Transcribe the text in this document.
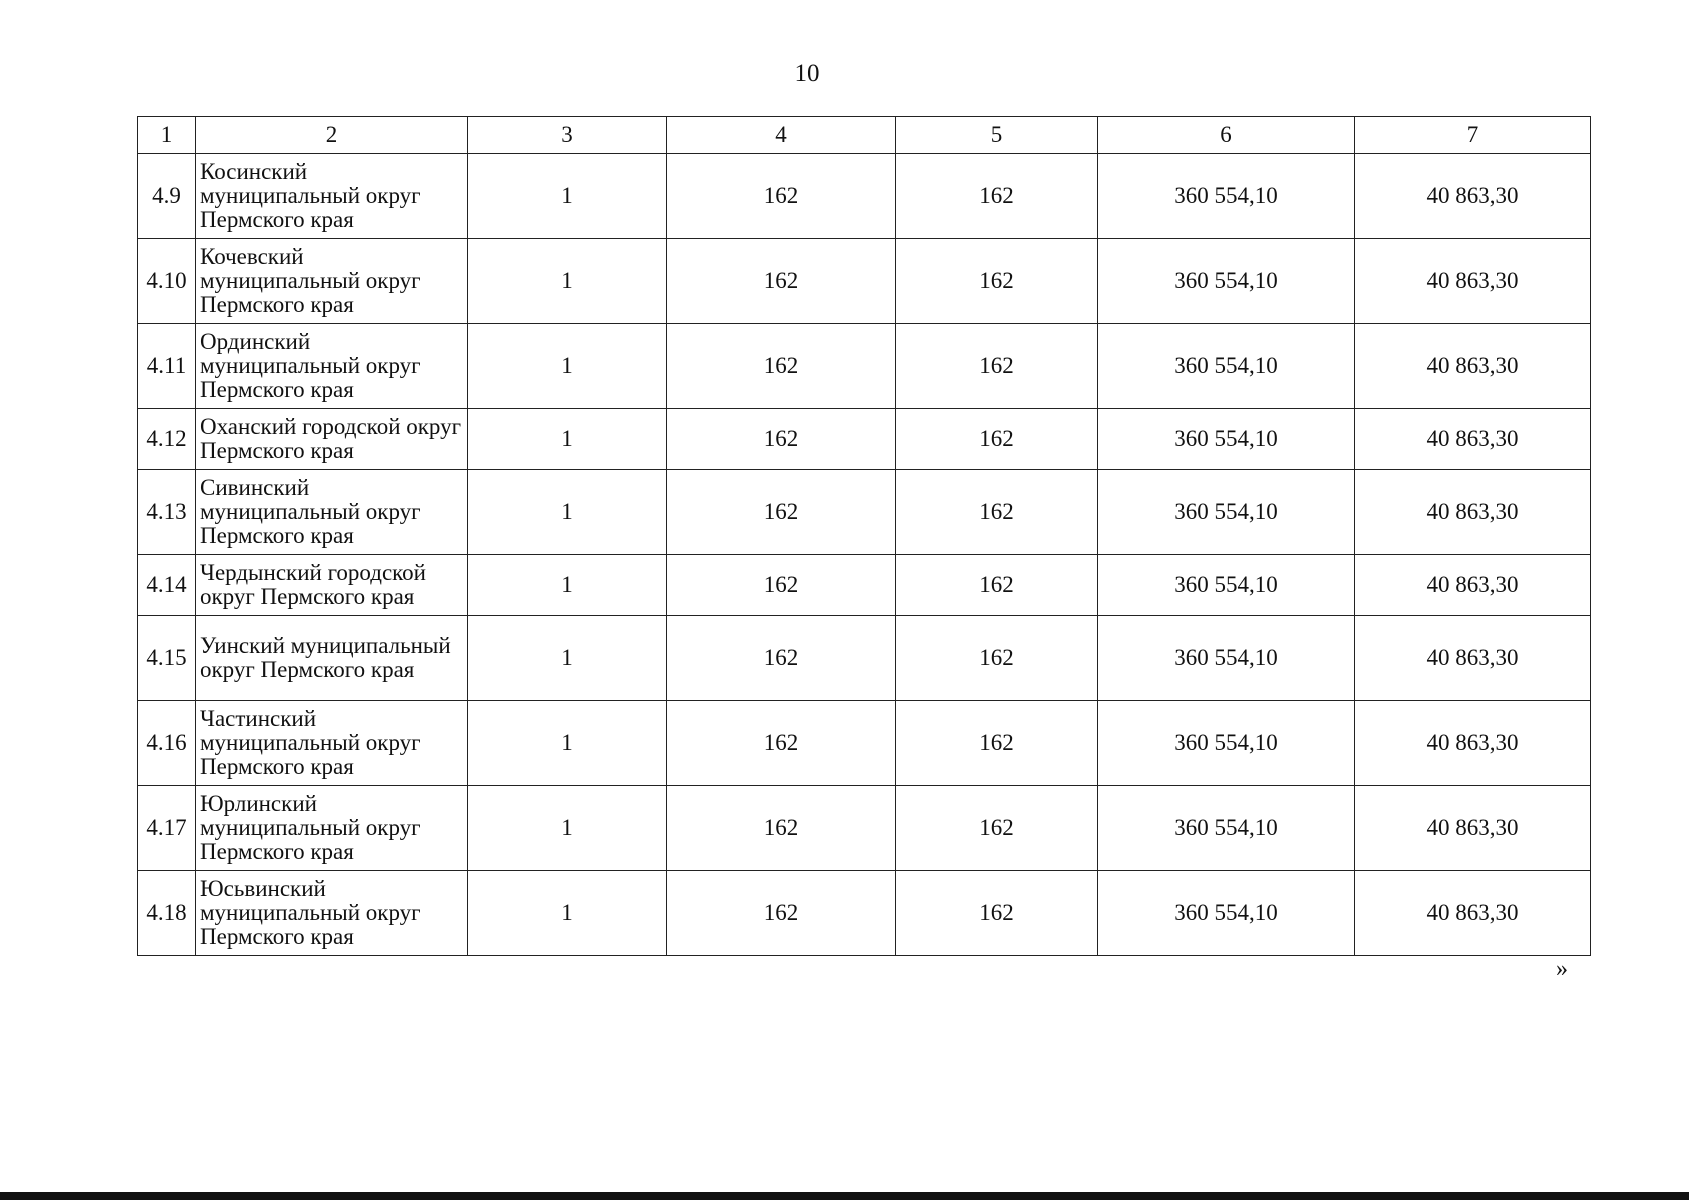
10
1	2	3	4	5	6	7
4.9	Косинский муниципальный округ Пермского края	1	162	162	360 554,10	40 863,30
4.10	Кочевский муниципальный округ Пермского края	1	162	162	360 554,10	40 863,30
4.11	Ординский муниципальный округ Пермского края	1	162	162	360 554,10	40 863,30
4.12	Оханский городской округ Пермского края	1	162	162	360 554,10	40 863,30
4.13	Сивинский муниципальный округ Пермского края	1	162	162	360 554,10	40 863,30
4.14	Чердынский городской округ Пермского края	1	162	162	360 554,10	40 863,30
4.15	Уинский муниципальный округ Пермского края	1	162	162	360 554,10	40 863,30
4.16	Частинский муниципальный округ Пермского края	1	162	162	360 554,10	40 863,30
4.17	Юрлинский муниципальный округ Пермского края	1	162	162	360 554,10	40 863,30
4.18	Юсьвинский муниципальный округ Пермского края	1	162	162	360 554,10	40 863,30
»
